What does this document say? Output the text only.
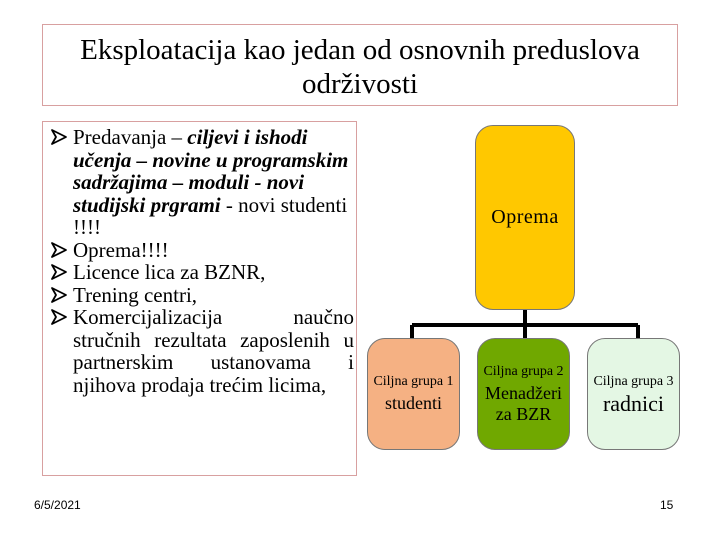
Eksploatacija kao jedan od osnovnih preduslova
održivosti
Predavanja – ciljevi i ishodi učenja – novine u programskim sadržajima – moduli - novi studijski prgrami - novi studenti !!!!
Oprema!!!!
Licence lica za BZNR,
Trening centri,
Komercijalizacija naučno stručnih rezultata zaposlenih u partnerskim ustanovama i njihova prodaja trećim licima,
Oprema
Ciljna grupa 1
studenti
Ciljna grupa 2
Menadžeri za BZR
Ciljna grupa 3
radnici
6/5/2021	15
